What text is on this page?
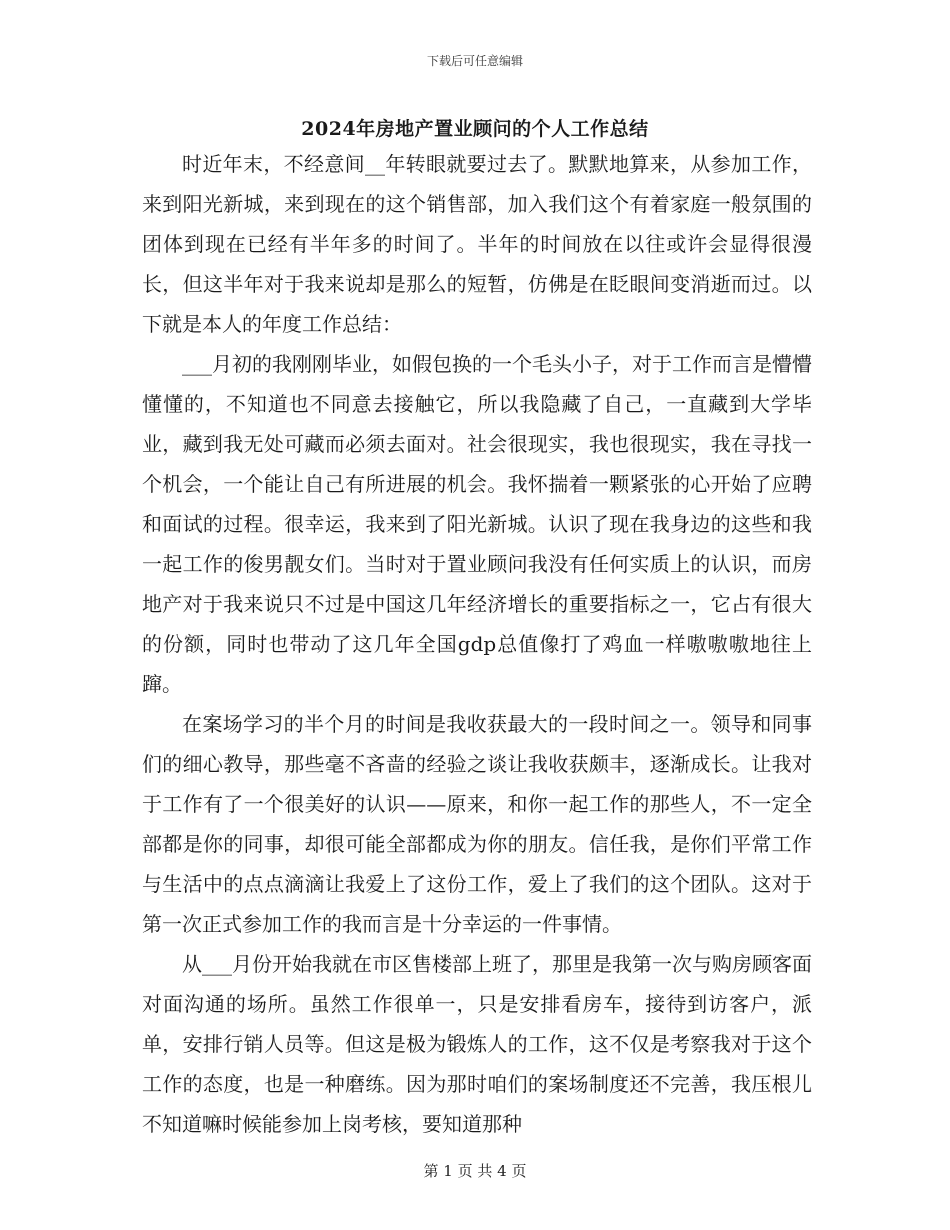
下载后可任意编辑
2024年房地产置业顾问的个人工作总结

时近年末，不经意间__年转眼就要过去了。默默地算来，从参加工作，来到阳光新城，来到现在的这个销售部，加入我们这个有着家庭一般氛围的团体到现在已经有半年多的时间了。半年的时间放在以往或许会显得很漫长，但这半年对于我来说却是那么的短暂，仿佛是在眨眼间变消逝而过。以下就是本人的年度工作总结：

___月初的我刚刚毕业，如假包换的一个毛头小子，对于工作而言是懵懵懂懂的，不知道也不同意去接触它，所以我隐藏了自己，一直藏到大学毕业，藏到我无处可藏而必须去面对。社会很现实，我也很现实，我在寻找一个机会，一个能让自己有所进展的机会。我怀揣着一颗紧张的心开始了应聘和面试的过程。很幸运，我来到了阳光新城。认识了现在我身边的这些和我一起工作的俊男靓女们。当时对于置业顾问我没有任何实质上的认识，而房地产对于我来说只不过是中国这几年经济增长的重要指标之一，它占有很大的份额，同时也带动了这几年全国gdp总值像打了鸡血一样嗷嗷嗷地往上蹿。

在案场学习的半个月的时间是我收获最大的一段时间之一。领导和同事们的细心教导，那些毫不吝啬的经验之谈让我收获颇丰，逐渐成长。让我对于工作有了一个很美好的认识——原来，和你一起工作的那些人，不一定全部都是你的同事，却很可能全部都成为你的朋友。信任我，是你们平常工作与生活中的点点滴滴让我爱上了这份工作，爱上了我们的这个团队。这对于第一次正式参加工作的我而言是十分幸运的一件事情。

从___月份开始我就在市区售楼部上班了，那里是我第一次与购房顾客面对面沟通的场所。虽然工作很单一，只是安排看房车，接待到访客户，派单，安排行销人员等。但这是极为锻炼人的工作，这不仅是考察我对于这个工作的态度，也是一种磨练。因为那时咱们的案场制度还不完善，我压根儿不知道嘛时候能参加上岗考核，要知道那种

第 1 页 共 4 页
